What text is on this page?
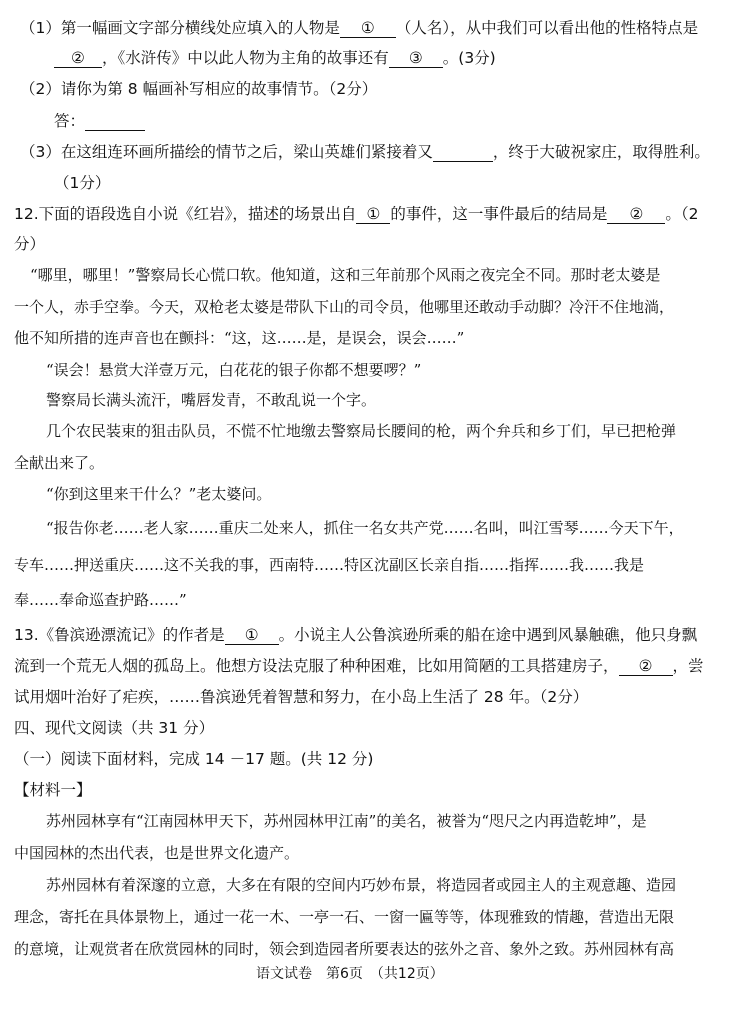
（1）第一幅画文字部分横线处应填入的人物是 ① （人名），从中我们可以看出他的性格特点是
② ，《水浒传》中以此人物为主角的故事还有 ③ 。(3分)
（2）请你为第 8 幅画补写相应的故事情节。（2分）
答：
（3）在这组连环画所描绘的情节之后，梁山英雄们紧接着又	，终于大破祝家庄，取得胜利。
（1分）
12.下面的语段选自小说《红岩》，描述的场景出自 ① 的事件，这一事件最后的结局是 ② 。（2
分）
“哪里，哪里！”警察局长心慌口软。他知道，这和三年前那个风雨之夜完全不同。那时老太婆是
一个人，赤手空拳。今天，双枪老太婆是带队下山的司令员，他哪里还敢动手动脚？冷汗不住地淌，
他不知所措的连声音也在颤抖：“这，这……是，是误会，误会……”
“误会！悬赏大洋壹万元，白花花的银子你都不想要啰？”
警察局长满头流汗，嘴唇发青，不敢乱说一个字。
几个农民装束的狙击队员，不慌不忙地缴去警察局长腰间的枪，两个弁兵和乡丁们，早已把枪弹
全献出来了。
“你到这里来干什么？”老太婆问。
“报告你老……老人家……重庆二处来人，抓住一名女共产党……名叫，叫江雪琴……今天下午，
专车……押送重庆……这不关我的事，西南特……特区沈副区长亲自指……指挥……我……我是
奉……奉命巡查护路……”
13.《鲁滨逊漂流记》的作者是 ① 。小说主人公鲁滨逊所乘的船在途中遇到风暴触礁，他只身飘
流到一个荒无人烟的孤岛上。他想方设法克服了种种困难，比如用简陋的工具搭建房子， ② ，尝
试用烟叶治好了疟疾，……鲁滨逊凭着智慧和努力，在小岛上生活了 28 年。（2分）
四、现代文阅读（共 31 分）
（一）阅读下面材料，完成 14 －17 题。(共 12 分)
【材料一】
苏州园林享有“江南园林甲天下，苏州园林甲江南”的美名，被誉为“咫尺之内再造乾坤”，是
中国园林的杰出代表，也是世界文化遗产。
苏州园林有着深邃的立意，大多在有限的空间内巧妙布景，将造园者或园主人的主观意趣、造园
理念，寄托在具体景物上，通过一花一木、一亭一石、一窗一匾等等，体现雅致的情趣，营造出无限
的意境，让观赏者在欣赏园林的同时，领会到造园者所要表达的弦外之音、象外之致。苏州园林有高
语文试卷　第6页　（共12页）
